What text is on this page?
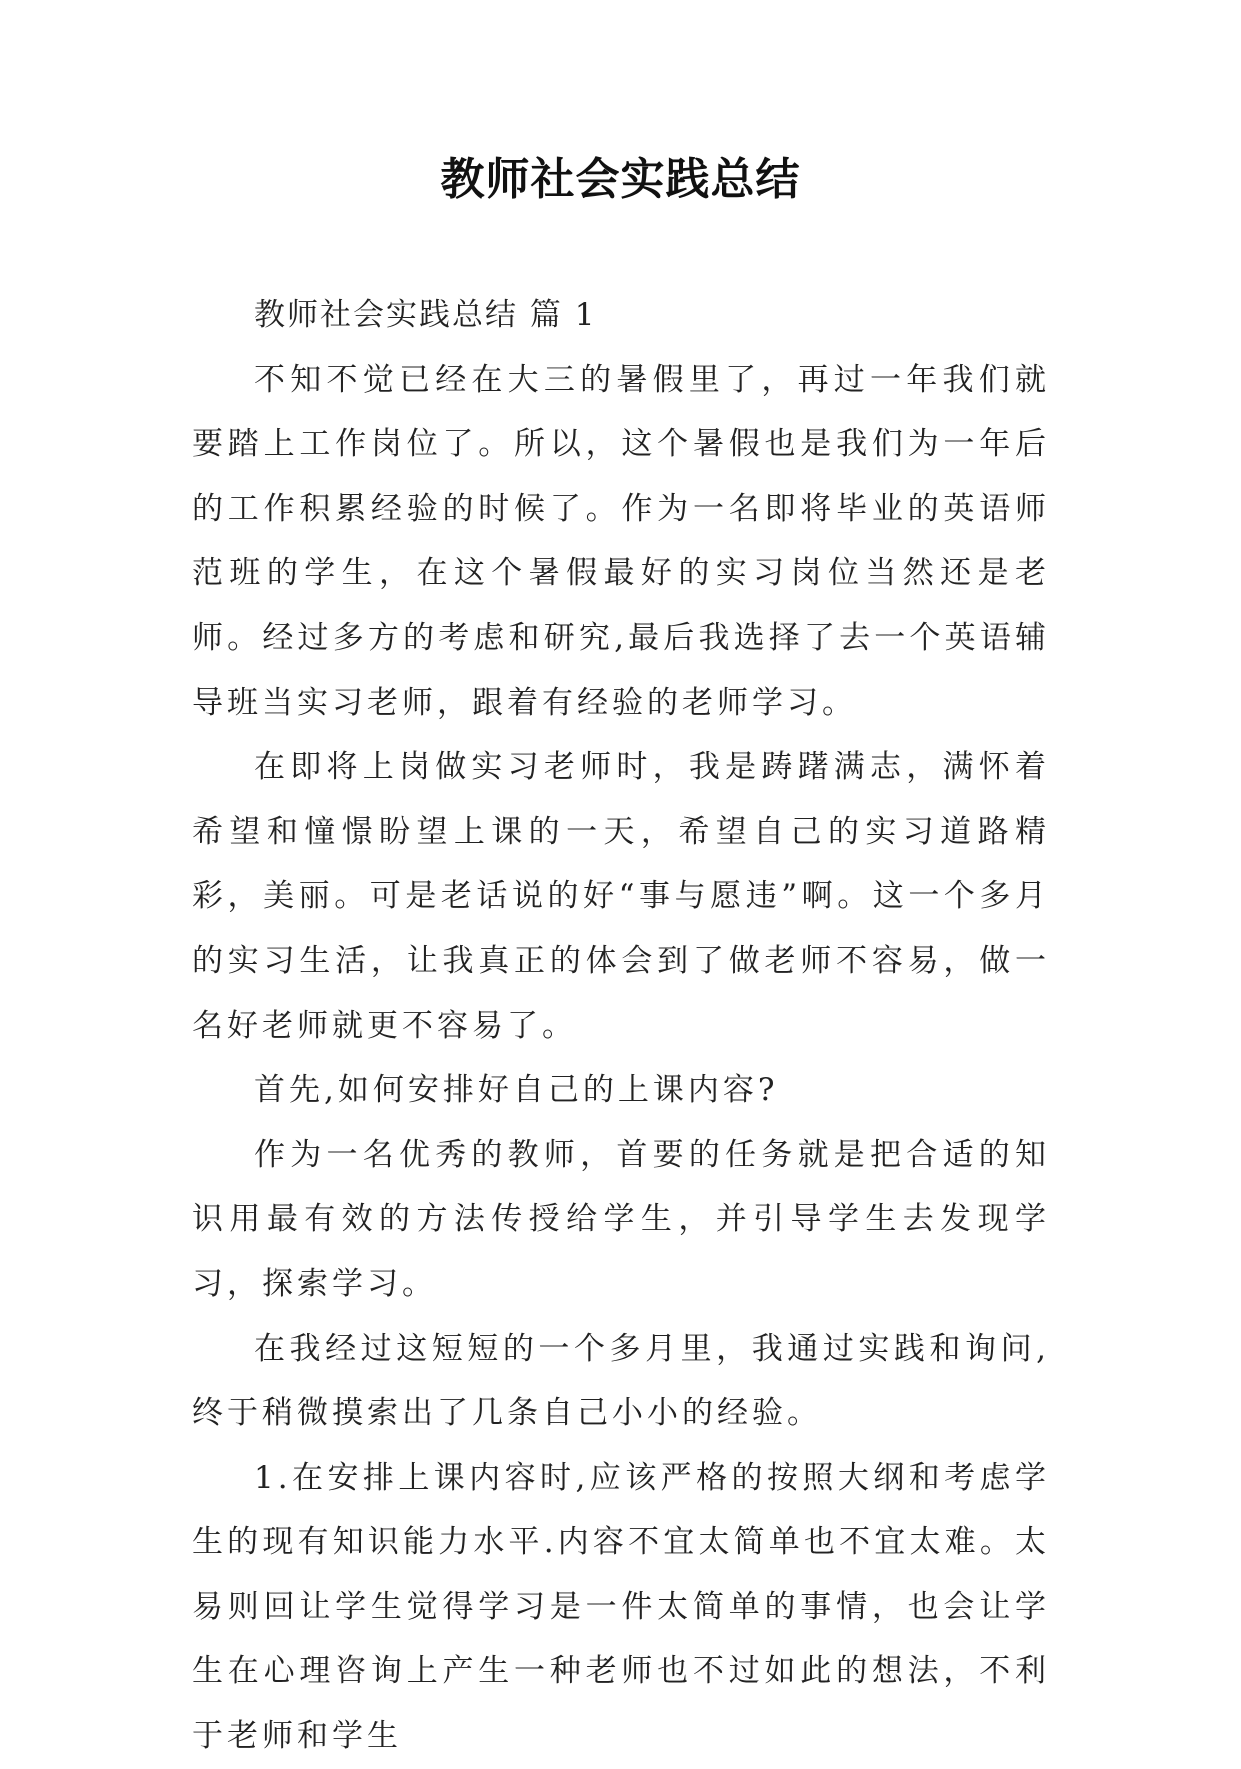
教师社会实践总结

教师社会实践总结 篇 1

不知不觉已经在大三的暑假里了，再过一年我们就要踏上工作岗位了。所以，这个暑假也是我们为一年后的工作积累经验的时候了。作为一名即将毕业的英语师范班的学生，在这个暑假最好的实习岗位当然还是老师。经过多方的考虑和研究,最后我选择了去一个英语辅导班当实习老师，跟着有经验的老师学习。

在即将上岗做实习老师时，我是踌躇满志，满怀着希望和憧憬盼望上课的一天，希望自己的实习道路精彩，美丽。可是老话说的好“事与愿违”啊。这一个多月的实习生活，让我真正的体会到了做老师不容易，做一名好老师就更不容易了。

首先,如何安排好自己的上课内容?

作为一名优秀的教师，首要的任务就是把合适的知识用最有效的方法传授给学生，并引导学生去发现学习，探索学习。

在我经过这短短的一个多月里，我通过实践和询问,终于稍微摸索出了几条自己小小的经验。

1.在安排上课内容时,应该严格的按照大纲和考虑学生的现有知识能力水平.内容不宜太简单也不宜太难。太易则回让学生觉得学习是一件太简单的事情，也会让学生在心理咨询上产生一种老师也不过如此的想法，不利于老师和学生
